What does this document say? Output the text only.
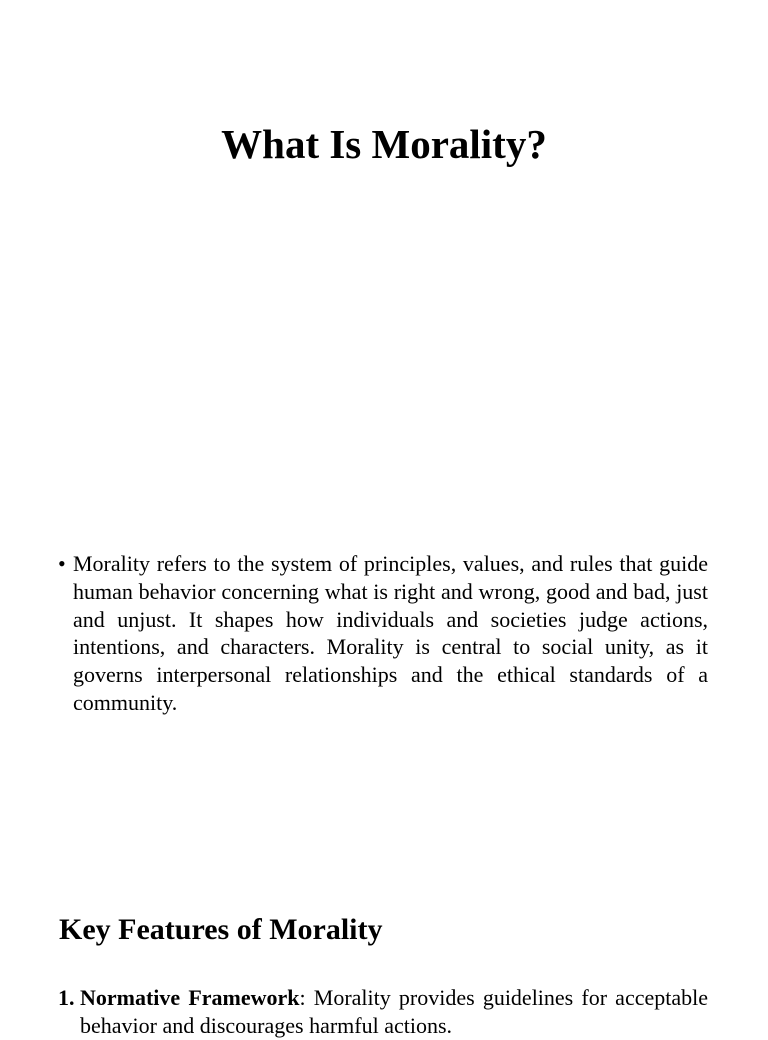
What Is Morality?
• Morality refers to the system of principles, values, and rules that guide human behavior concerning what is right and wrong, good and bad, just and unjust. It shapes how individuals and societies judge actions, intentions, and characters. Morality is central to social unity, as it governs interpersonal relationships and the ethical standards of a community.
Key Features of Morality
1. Normative Framework: Morality provides guidelines for acceptable behavior and discourages harmful actions.
